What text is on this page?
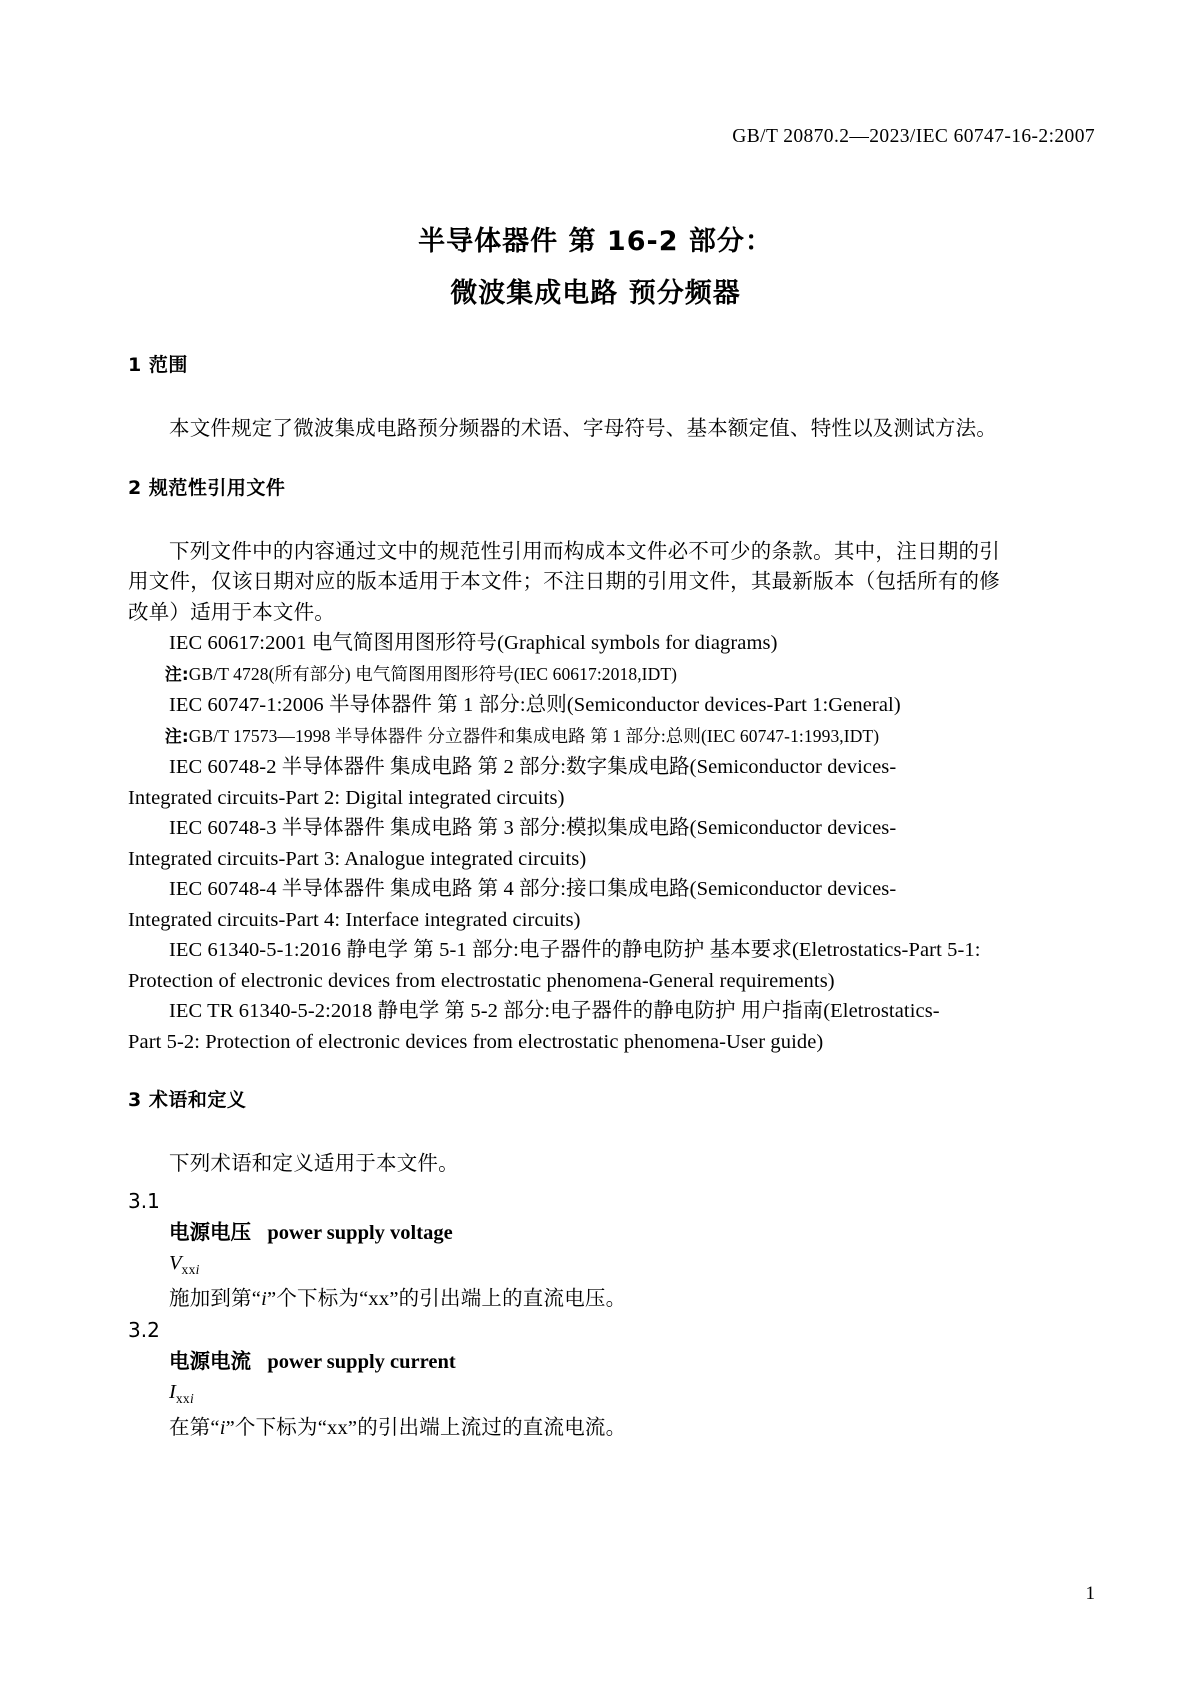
GB/T 20870.2—2023/IEC 60747-16-2:2007
半导体器件 第 16-2 部分：
微波集成电路 预分频器
1 范围

本文件规定了微波集成电路预分频器的术语、字母符号、基本额定值、特性以及测试方法。

2 规范性引用文件

下列文件中的内容通过文中的规范性引用而构成本文件必不可少的条款。其中，注日期的引用文件，仅该日期对应的版本适用于本文件；不注日期的引用文件，其最新版本（包括所有的修改单）适用于本文件。

IEC 60617:2001 电气简图用图形符号(Graphical symbols for diagrams)

注:GB/T 4728(所有部分) 电气简图用图形符号(IEC 60617:2018,IDT)

IEC 60747-1:2006 半导体器件 第 1 部分:总则(Semiconductor devices-Part 1:General)

注:GB/T 17573—1998 半导体器件 分立器件和集成电路 第 1 部分:总则(IEC 60747-1:1993,IDT)

IEC 60748-2 半导体器件 集成电路 第 2 部分:数字集成电路(Semiconductor devices-

Integrated circuits-Part 2: Digital integrated circuits)

IEC 60748-3 半导体器件 集成电路 第 3 部分:模拟集成电路(Semiconductor devices-

Integrated circuits-Part 3: Analogue integrated circuits)

IEC 60748-4 半导体器件 集成电路 第 4 部分:接口集成电路(Semiconductor devices-

Integrated circuits-Part 4: Interface integrated circuits)

IEC 61340-5-1:2016 静电学 第 5-1 部分:电子器件的静电防护 基本要求(Eletrostatics-Part 5-1:

Protection of electronic devices from electrostatic phenomena-General requirements)

IEC TR 61340-5-2:2018 静电学 第 5-2 部分:电子器件的静电防护 用户指南(Eletrostatics-

Part 5-2: Protection of electronic devices from electrostatic phenomena-User guide)

3 术语和定义

下列术语和定义适用于本文件。

3.1

电源电压 power supply voltage

$V_{xxi}$

施加到第“i”个下标为“xx”的引出端上的直流电压。

3.2

电源电流 power supply current

$I_{xxi}$

在第“i”个下标为“xx”的引出端上流过的直流电流。

1
